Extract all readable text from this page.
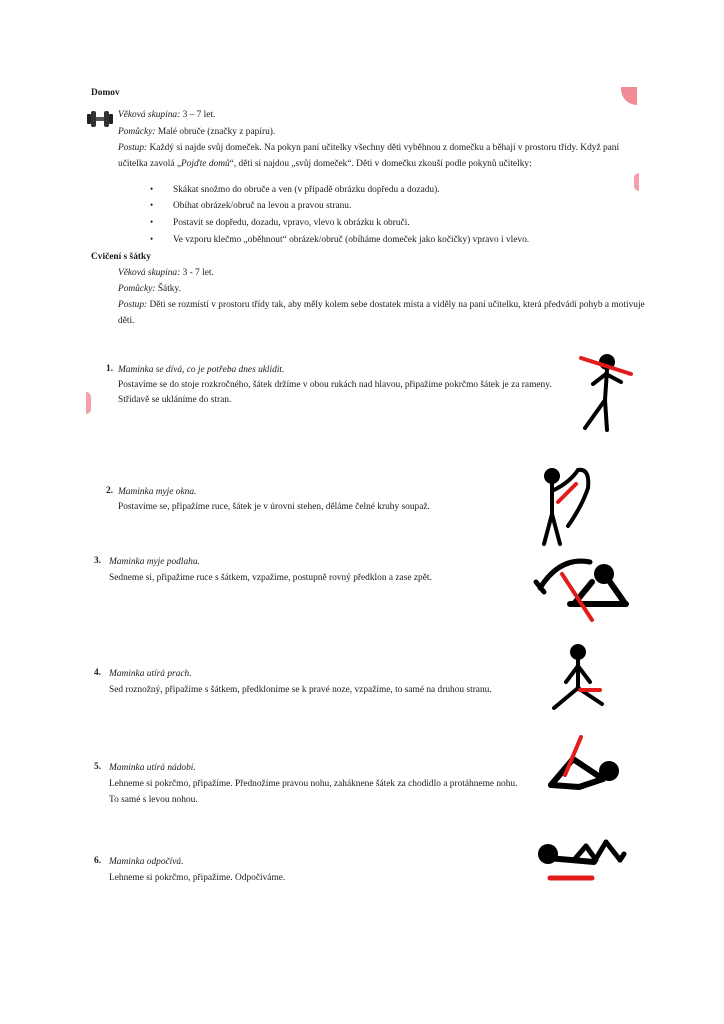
Domov
Věková skupina: 3 – 7 let.
Pomůcky: Malé obruče (značky z papíru).
Postup: Každý si najde svůj domeček. Na pokyn paní učitelky všechny děti vyběhnou z domečku a běhají v prostoru třídy. Když paní
učitelka zavolá „Pojďte domů“, děti si najdou „svůj domeček“. Děti v domečku zkouší podle pokynů učitelky:
• Skákat snožmo do obruče a ven (v případě obrázku dopředu a dozadu).
• Obíhat obrázek/obruč na levou a pravou stranu.
• Postavit se dopředu, dozadu, vpravo, vlevo k obrázku k obruči.
• Ve vzporu klečmo „oběhnout“ obrázek/obruč (obíháme domeček jako kočičky) vpravo i vlevo.
Cvičení s šátky
Věková skupina: 3 - 7 let.
Pomůcky: Šátky.
Postup: Děti se rozmístí v prostoru třídy tak, aby měly kolem sebe dostatek místa a viděly na paní učitelku, která předvádí pohyb a motivuje
děti.
1. Maminka se dívá, co je potřeba dnes uklidit.
Postavíme se do stoje rozkročného, šátek držíme v obou rukách nad hlavou, připažíme pokrčmo šátek je za rameny.
Střídavě se ukláníme do stran.
2. Maminka myje okna.
Postavíme se, připažíme ruce, šátek je v úrovni stehen, děláme čelné kruhy soupaž.
3. Maminka myje podlahu.
Sedneme si, připažíme ruce s šátkem, vzpažíme, postupně rovný předklon a zase zpět.
4. Maminka utírá prach.
Sed roznožný, připažíme s šátkem, předkloníme se k pravé noze, vzpažíme, to samé na druhou stranu.
5. Maminka utírá nádobí.
Lehneme si pokrčmo, připažíme. Přednožíme pravou nohu, zaháknene šátek za chodidlo a protáhneme nohu.
To samé s levou nohou.
6. Maminka odpočívá.
Lehneme si pokrčmo, připažíme. Odpočíváme.
